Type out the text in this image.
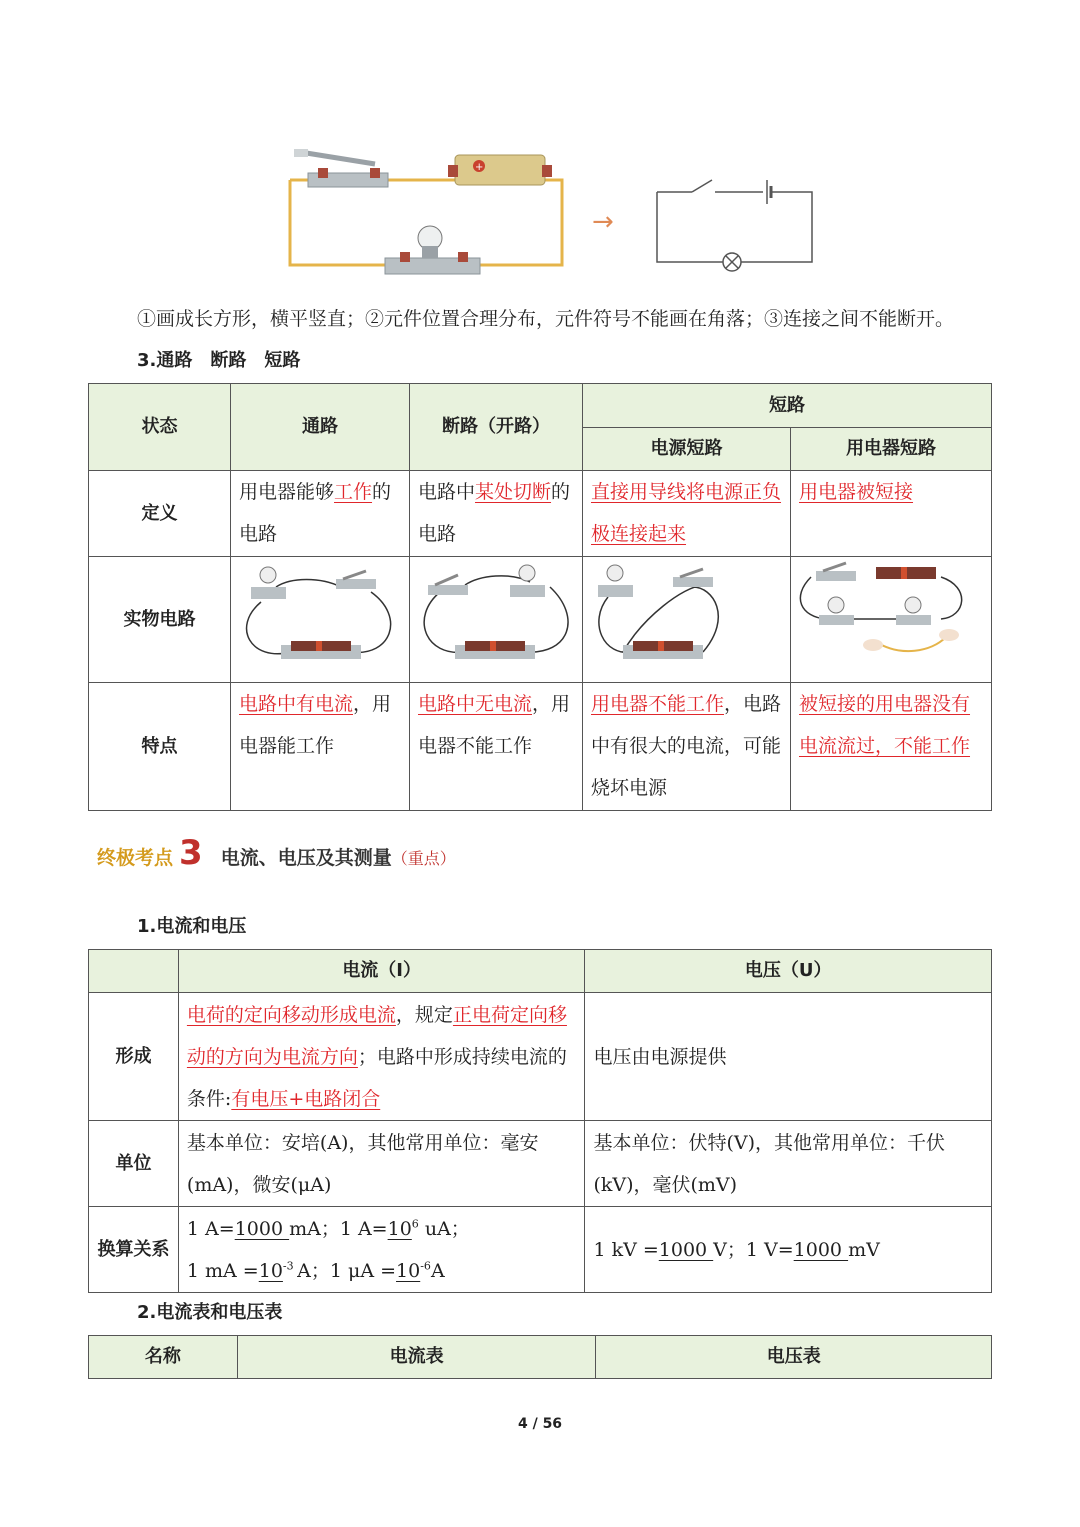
+
→
①画成长方形，横平竖直；②元件位置合理分布，元件符号不能画在角落；③连接之间不能断开。
3.通路　断路　短路
状态	通路	断路（开路）	短路	
			电源短路	用电器短路
定义	用电器能够工作的电路	电路中某处切断的电路	直接用导线将电源正负极连接起来	用电器被短接
实物电路				
特点	电路中有电流，用电器能工作	电路中无电流，用电器不能工作	用电器不能工作，电路中有很大的电流，可能烧坏电源	被短接的用电器没有电流流过，不能工作
终极考点 3 电流、电压及其测量 （重点）
1.电流和电压
	电流（I）	电压（U）
形成	电荷的定向移动形成电流，规定正电荷定向移动的方向为电流方向；电路中形成持续电流的条件:有电压+电路闭合	电压由电源提供
单位	基本单位：安培(A)，其他常用单位：毫安(mA)，微安(μA)	基本单位：伏特(V)，其他常用单位：千伏(kV)，毫伏(mV)
换算关系	1 A=1000 mA；1 $A=10^6$ uA；
1 mA $=10^{-3}$ A；1 $\mu A =10^{-6}A$	1 kV =1000 V；1 V=1000 mV
2.电流表和电压表
名称	电流表	电压表
4 / 56
